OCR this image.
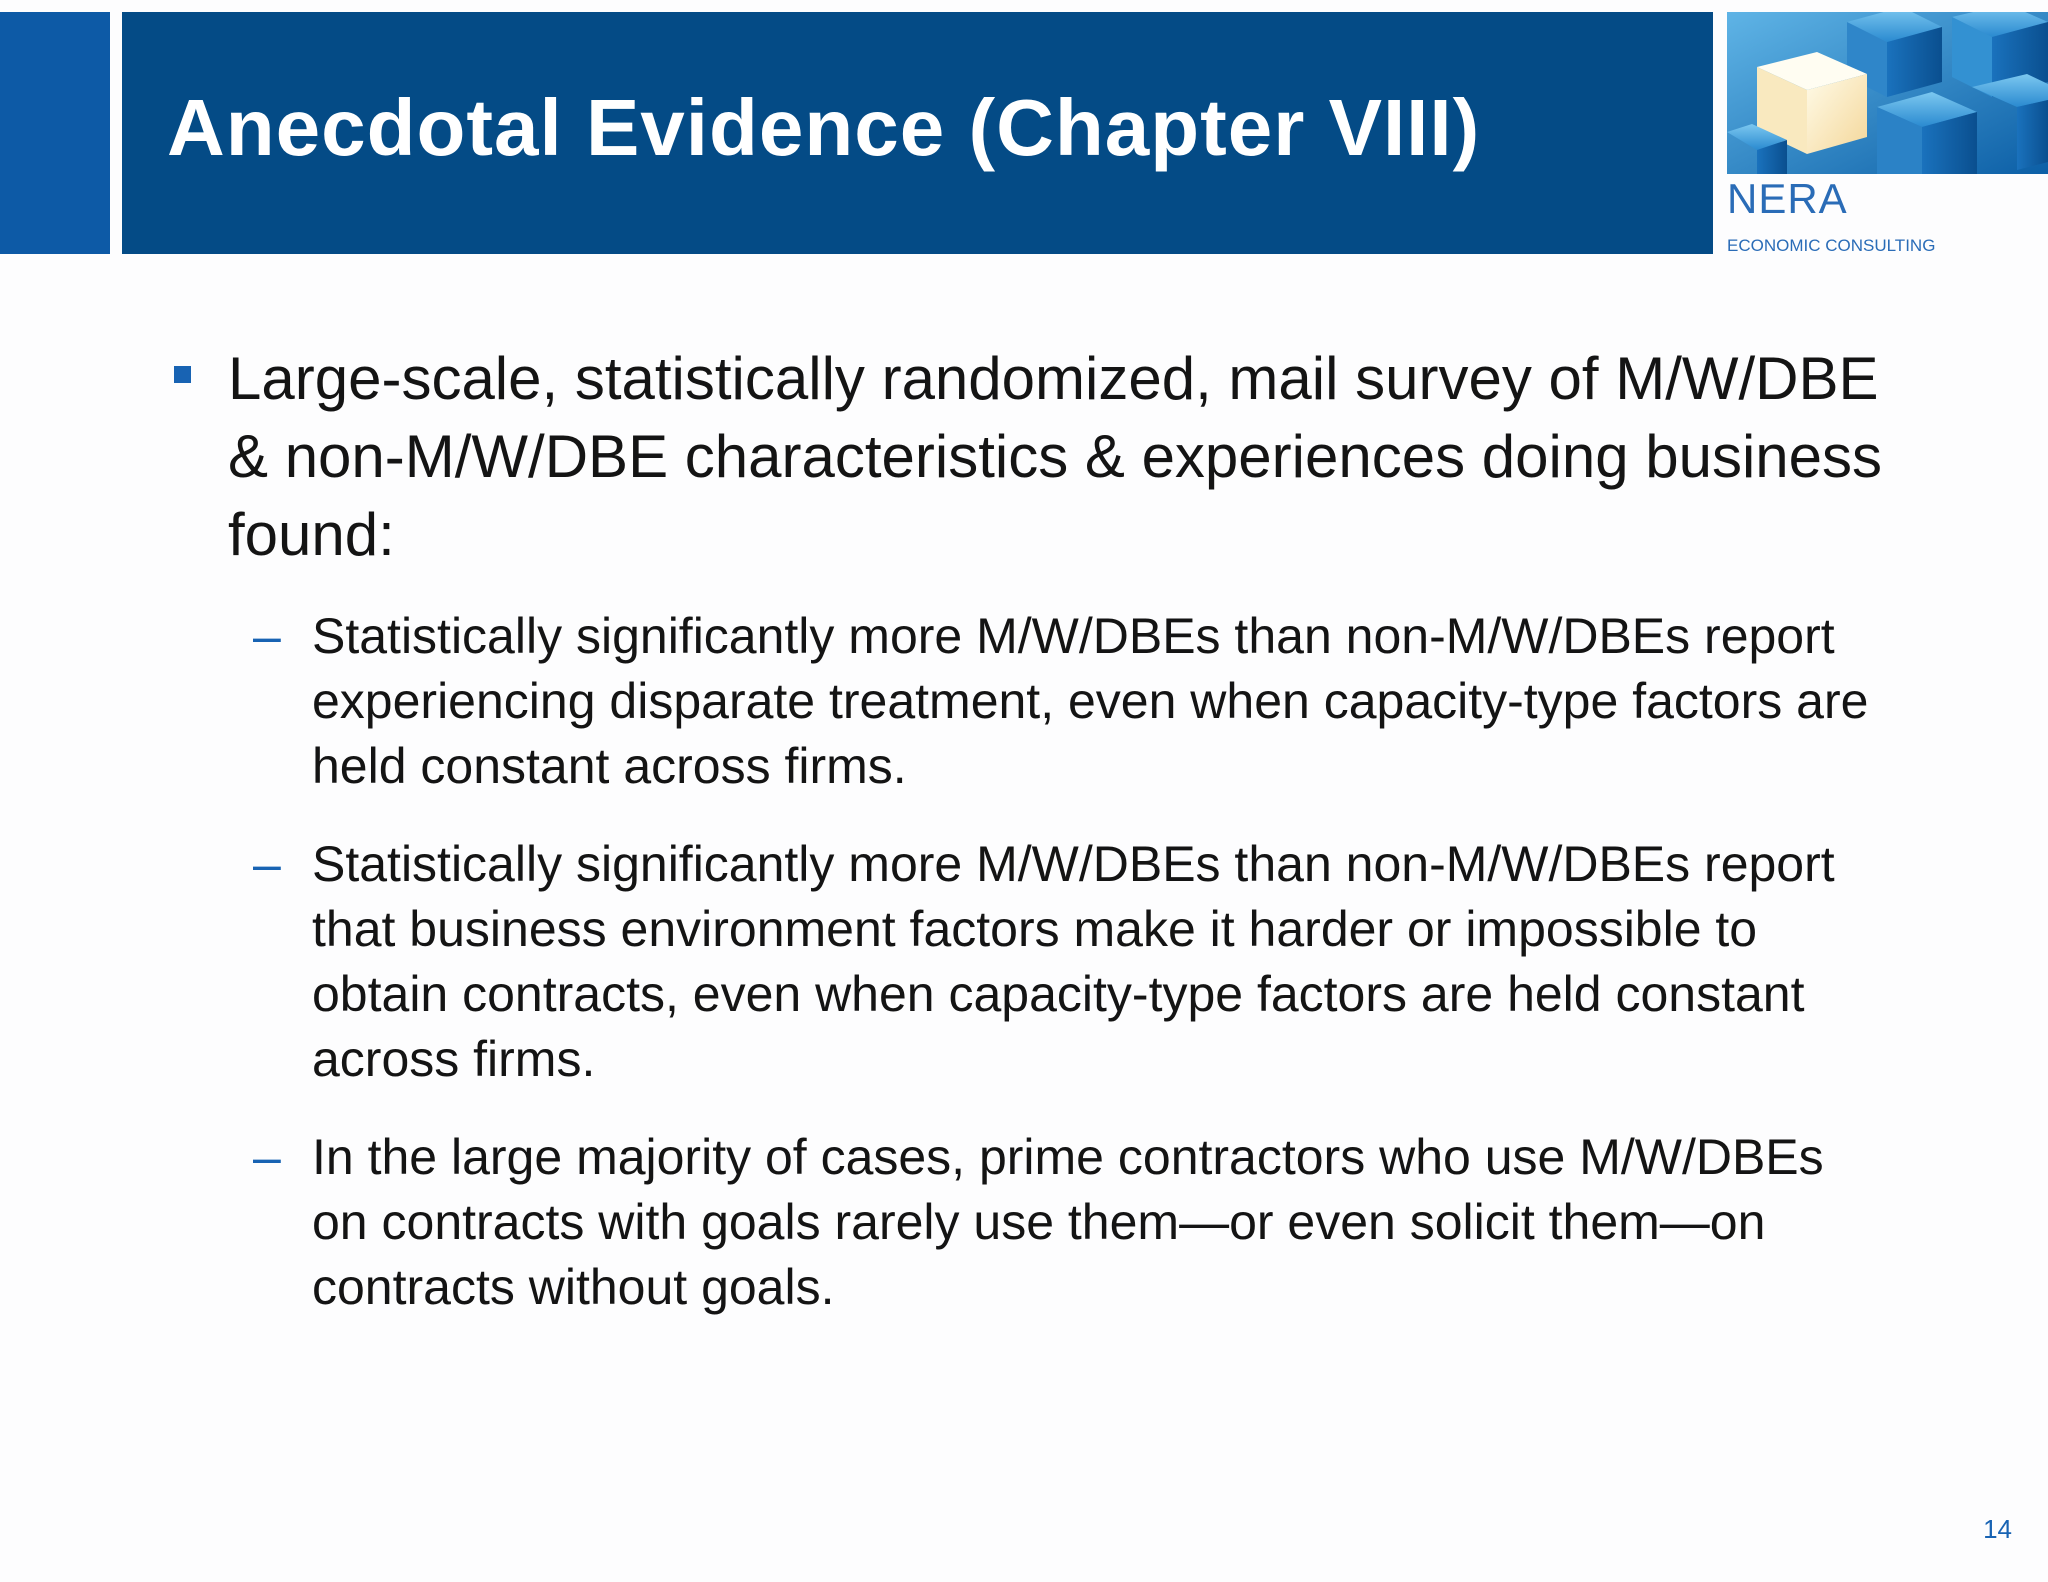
Anecdotal Evidence (Chapter VIII)
NERA
ECONOMIC CONSULTING

Large-scale, statistically randomized, mail survey of M/W/DBE & non-M/W/DBE characteristics & experiences doing business found:

– Statistically significantly more M/W/DBEs than non-M/W/DBEs report experiencing disparate treatment, even when capacity-type factors are held constant across firms.

– Statistically significantly more M/W/DBEs than non-M/W/DBEs report that business environment factors make it harder or impossible to obtain contracts, even when capacity-type factors are held constant across firms.

– In the large majority of cases, prime contractors who use M/W/DBEs on contracts with goals rarely use them—or even solicit them—on contracts without goals.

14
